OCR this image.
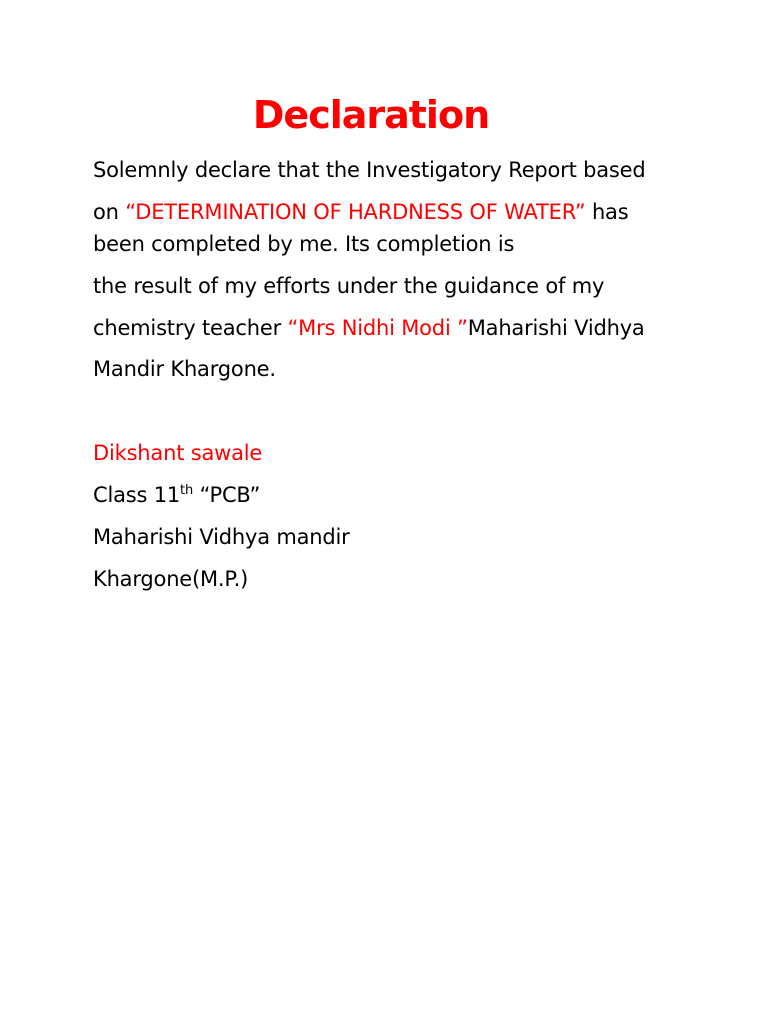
Declaration
Solemnly declare that the Investigatory Report based
on “DETERMINATION OF HARDNESS OF WATER” has
been completed by me. Its completion is
the result of my efforts under the guidance of my
chemistry teacher “Mrs Nidhi Modi ”Maharishi Vidhya
Mandir Khargone.
Dikshant sawale
Class 11th “PCB”
Maharishi Vidhya mandir
Khargone(M.P.)
